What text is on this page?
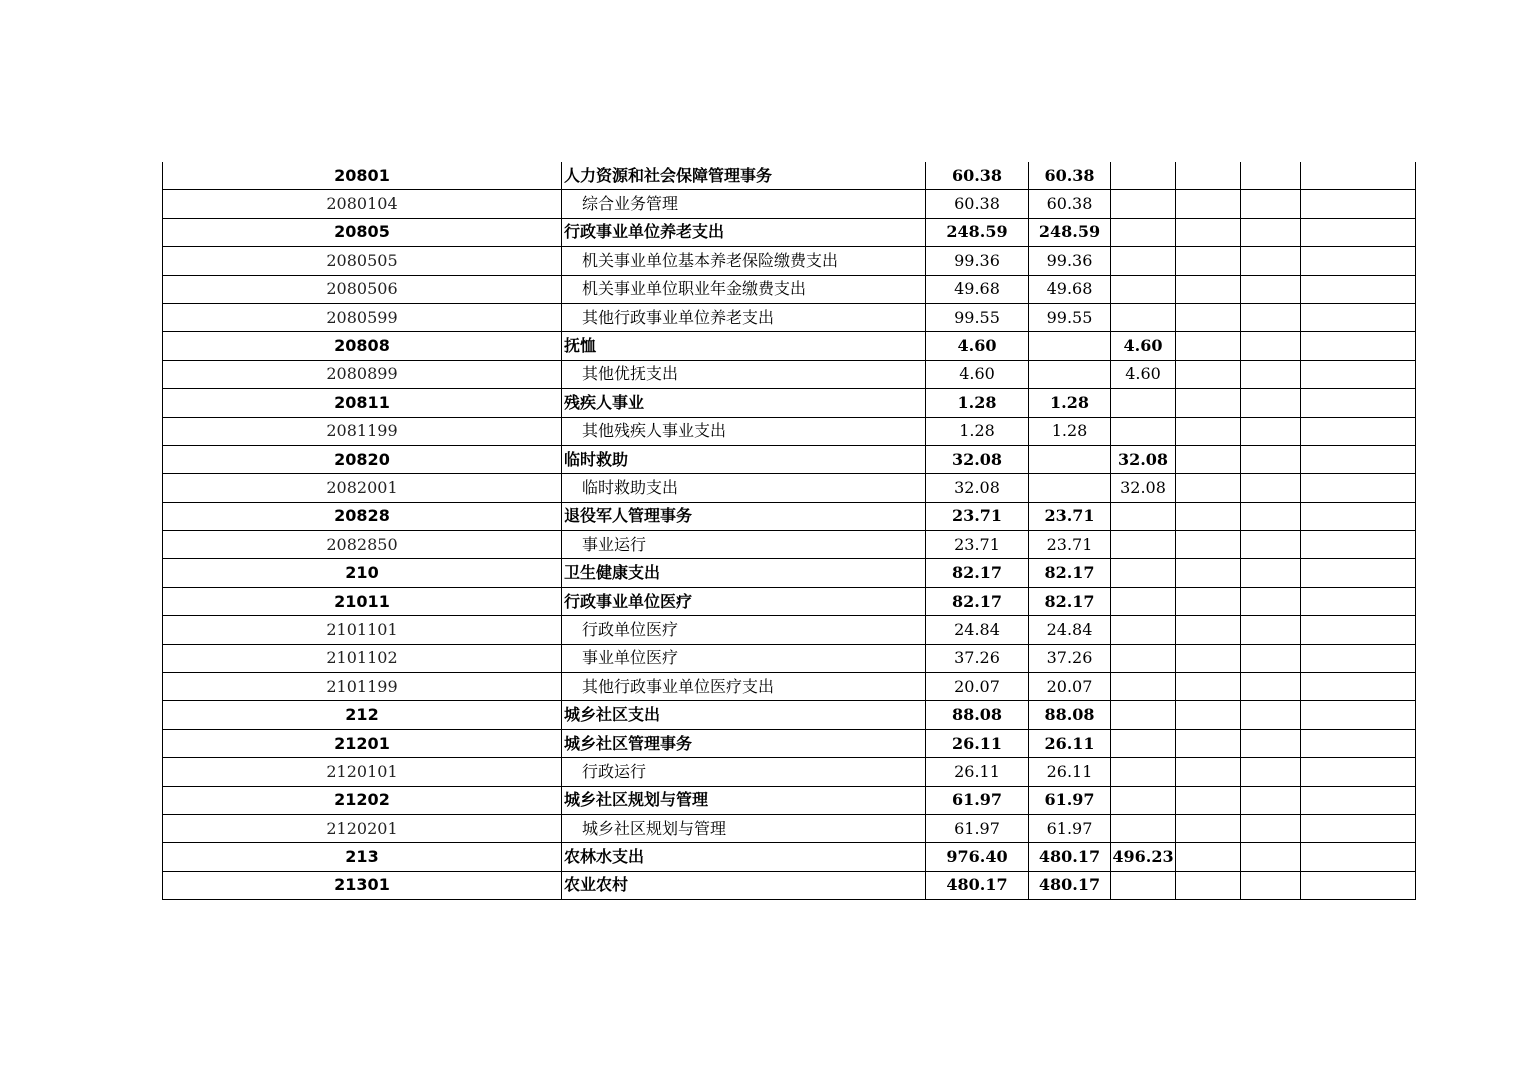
20801	人力资源和社会保障管理事务	60.38	60.38				
2080104	综合业务管理	60.38	60.38				
20805	行政事业单位养老支出	248.59	248.59				
2080505	机关事业单位基本养老保险缴费支出	99.36	99.36				
2080506	机关事业单位职业年金缴费支出	49.68	49.68				
2080599	其他行政事业单位养老支出	99.55	99.55				
20808	抚恤	4.60		4.60			
2080899	其他优抚支出	4.60		4.60			
20811	残疾人事业	1.28	1.28				
2081199	其他残疾人事业支出	1.28	1.28				
20820	临时救助	32.08		32.08			
2082001	临时救助支出	32.08		32.08			
20828	退役军人管理事务	23.71	23.71				
2082850	事业运行	23.71	23.71				
210	卫生健康支出	82.17	82.17				
21011	行政事业单位医疗	82.17	82.17				
2101101	行政单位医疗	24.84	24.84				
2101102	事业单位医疗	37.26	37.26				
2101199	其他行政事业单位医疗支出	20.07	20.07				
212	城乡社区支出	88.08	88.08				
21201	城乡社区管理事务	26.11	26.11				
2120101	行政运行	26.11	26.11				
21202	城乡社区规划与管理	61.97	61.97				
2120201	城乡社区规划与管理	61.97	61.97				
213	农林水支出	976.40	480.17	496.23			
21301	农业农村	480.17	480.17				
